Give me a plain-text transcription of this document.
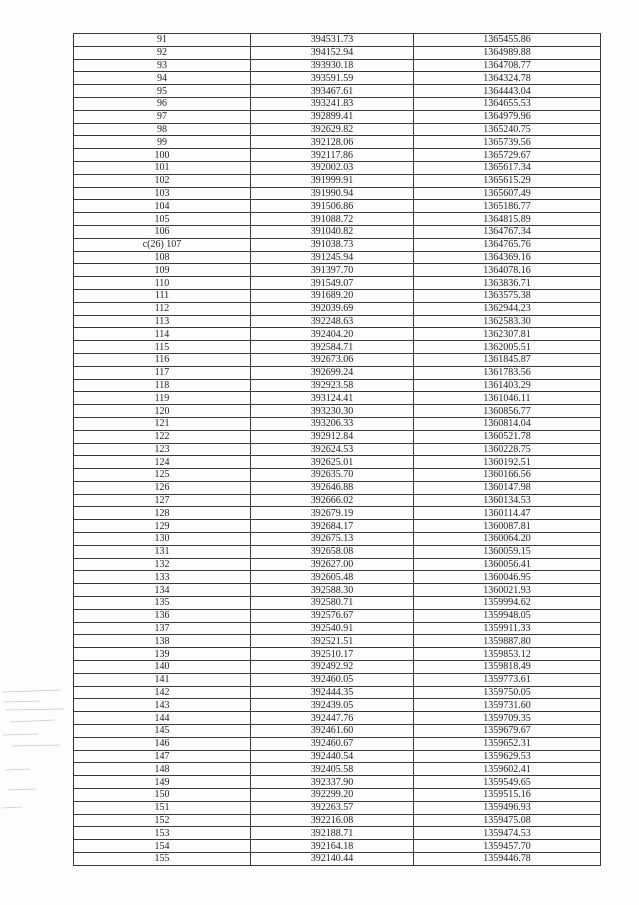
91	394531.73	1365455.86
92	394152.94	1364989.88
93	393930.18	1364708.77
94	393591.59	1364324.78
95	393467.61	1364443.04
96	393241.83	1364655.53
97	392899.41	1364979.96
98	392629.82	1365240.75
99	392128.06	1365739.56
100	392117.86	1365729.67
101	392002.03	1365617.34
102	391999.91	1365615.29
103	391990.94	1365607.49
104	391506.86	1365186.77
105	391088.72	1364815.89
106	391040.82	1364767.34
c(26) 107	391038.73	1364765.76
108	391245.94	1364369.16
109	391397.70	1364078.16
110	391549.07	1363836.71
111	391689.20	1363575.38
112	392039.69	1362944.23
113	392248.63	1362583.30
114	392404.20	1362307.81
115	392584.71	1362005.51
116	392673.06	1361845.87
117	392699.24	1361783.56
118	392923.58	1361403.29
119	393124.41	1361046.11
120	393230.30	1360856.77
121	393206.33	1360814.04
122	392912.84	1360521.78
123	392624.53	1360228.75
124	392625.01	1360192.51
125	392635.70	1360166.56
126	392646.88	1360147.98
127	392666.02	1360134.53
128	392679.19	1360114.47
129	392684.17	1360087.81
130	392675.13	1360064.20
131	392658.08	1360059.15
132	392627.00	1360056.41
133	392605.48	1360046.95
134	392588.30	1360021.93
135	392580.71	1359994.62
136	392576.67	1359948.05
137	392540.91	1359911.33
138	392521.51	1359887.80
139	392510.17	1359853.12
140	392492.92	1359818.49
141	392460.05	1359773.61
142	392444.35	1359750.05
143	392439.05	1359731.60
144	392447.76	1359709.35
145	392461.60	1359679.67
146	392460.67	1359652.31
147	392440.54	1359629.53
148	392405.58	1359602.41
149	392337.90	1359549.65
150	392299.20	1359515.16
151	392263.57	1359496.93
152	392216.08	1359475.08
153	392188.71	1359474.53
154	392164.18	1359457.70
155	392140.44	1359446.78
